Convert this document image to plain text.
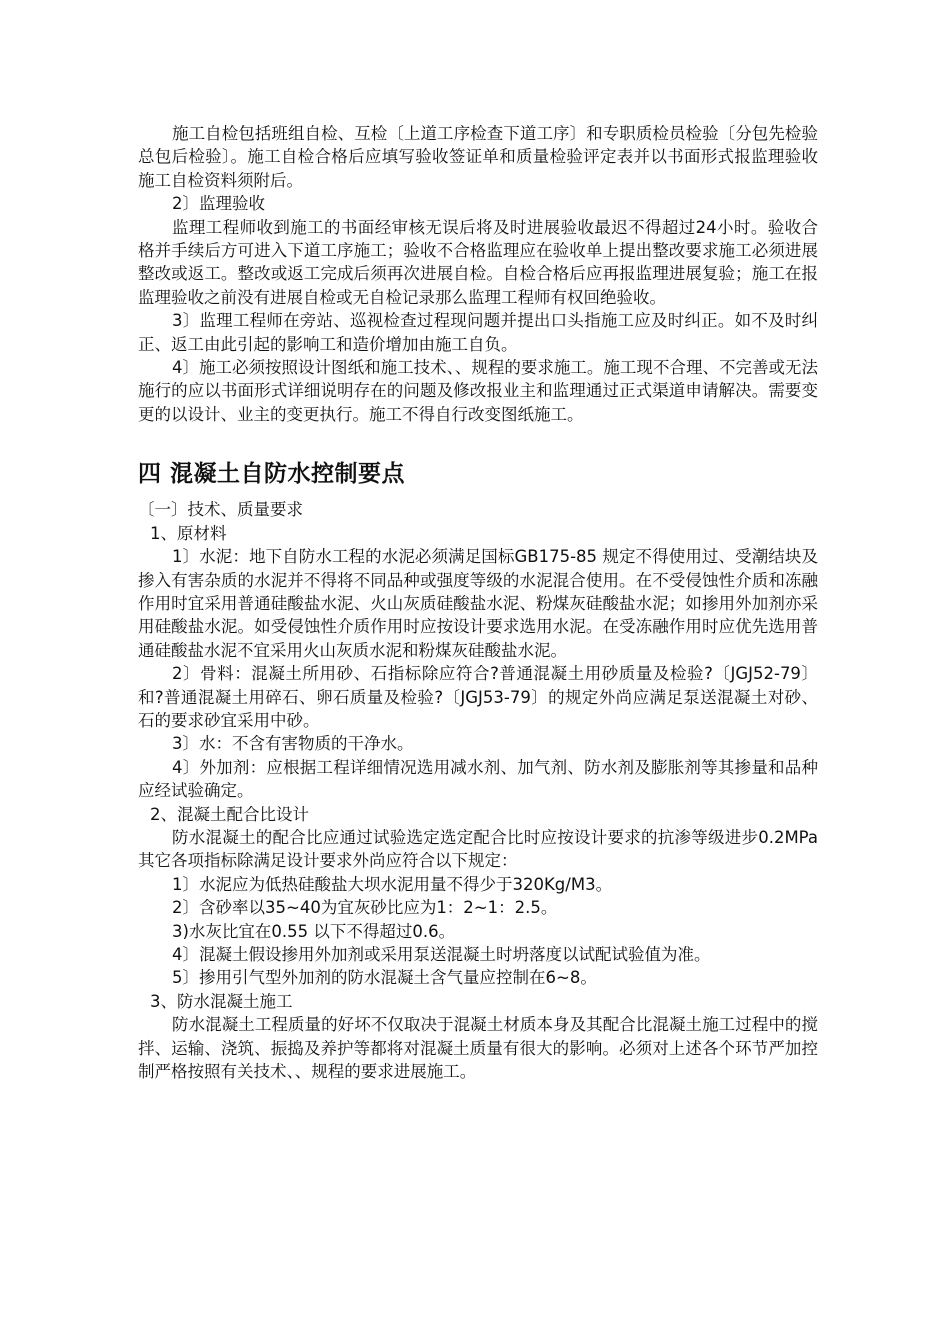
施工自检包括班组自检、互检〔上道工序检查下道工序〕和专职质检员检验〔分包先检验总包后检验〕。施工自检合格后应填写验收签证单和质量检验评定表并以书面形式报监理验收施工自检资料须附后。

2〕监理验收

监理工程师收到施工的书面经审核无误后将及时进展验收最迟不得超过24小时。验收合格并手续后方可进入下道工序施工；验收不合格监理应在验收单上提出整改要求施工必须进展整改或返工。整改或返工完成后须再次进展自检。自检合格后应再报监理进展复验；施工在报监理验收之前没有进展自检或无自检记录那么监理工程师有权回绝验收。

3〕监理工程师在旁站、巡视检查过程现问题并提出口头指施工应及时纠正。如不及时纠正、返工由此引起的影响工和造价增加由施工自负。

4〕施工必须按照设计图纸和施工技术、、规程的要求施工。施工现不合理、不完善或无法施行的应以书面形式详细说明存在的问题及修改报业主和监理通过正式渠道申请解决。需要变更的以设计、业主的变更执行。施工不得自行改变图纸施工。

四 混凝土自防水控制要点

〔一〕技术、质量要求

1、原材料

1〕水泥：地下自防水工程的水泥必须满足国标GB175-85 规定不得使用过、受潮结块及掺入有害杂质的水泥并不得将不同品种或强度等级的水泥混合使用。在不受侵蚀性介质和冻融作用时宜采用普通硅酸盐水泥、火山灰质硅酸盐水泥、粉煤灰硅酸盐水泥；如掺用外加剂亦采用硅酸盐水泥。如受侵蚀性介质作用时应按设计要求选用水泥。在受冻融作用时应优先选用普通硅酸盐水泥不宜采用火山灰质水泥和粉煤灰硅酸盐水泥。

2〕骨料：混凝土所用砂、石指标除应符合?普通混凝土用砂质量及检验?〔JGJ52-79〕和?普通混凝土用碎石、卵石质量及检验?〔JGJ53-79〕的规定外尚应满足泵送混凝土对砂、石的要求砂宜采用中砂。

3〕水：不含有害物质的干净水。

4〕外加剂：应根据工程详细情况选用减水剂、加气剂、防水剂及膨胀剂等其掺量和品种应经试验确定。

2、混凝土配合比设计

防水混凝土的配合比应通过试验选定选定配合比时应按设计要求的抗渗等级进步0.2MPa其它各项指标除满足设计要求外尚应符合以下规定：

1〕水泥应为低热硅酸盐大坝水泥用量不得少于320Kg/M3。

2〕含砂率以35~40为宜灰砂比应为1：2~1：2.5。

3)水灰比宜在0.55 以下不得超过0.6。

4〕混凝土假设掺用外加剂或采用泵送混凝土时坍落度以试配试验值为准。

5〕掺用引气型外加剂的防水混凝土含气量应控制在6~8。

3、防水混凝土施工

防水混凝土工程质量的好坏不仅取决于混凝土材质本身及其配合比混凝土施工过程中的搅拌、运输、浇筑、振捣及养护等都将对混凝土质量有很大的影响。必须对上述各个环节严加控制严格按照有关技术、、规程的要求进展施工。
